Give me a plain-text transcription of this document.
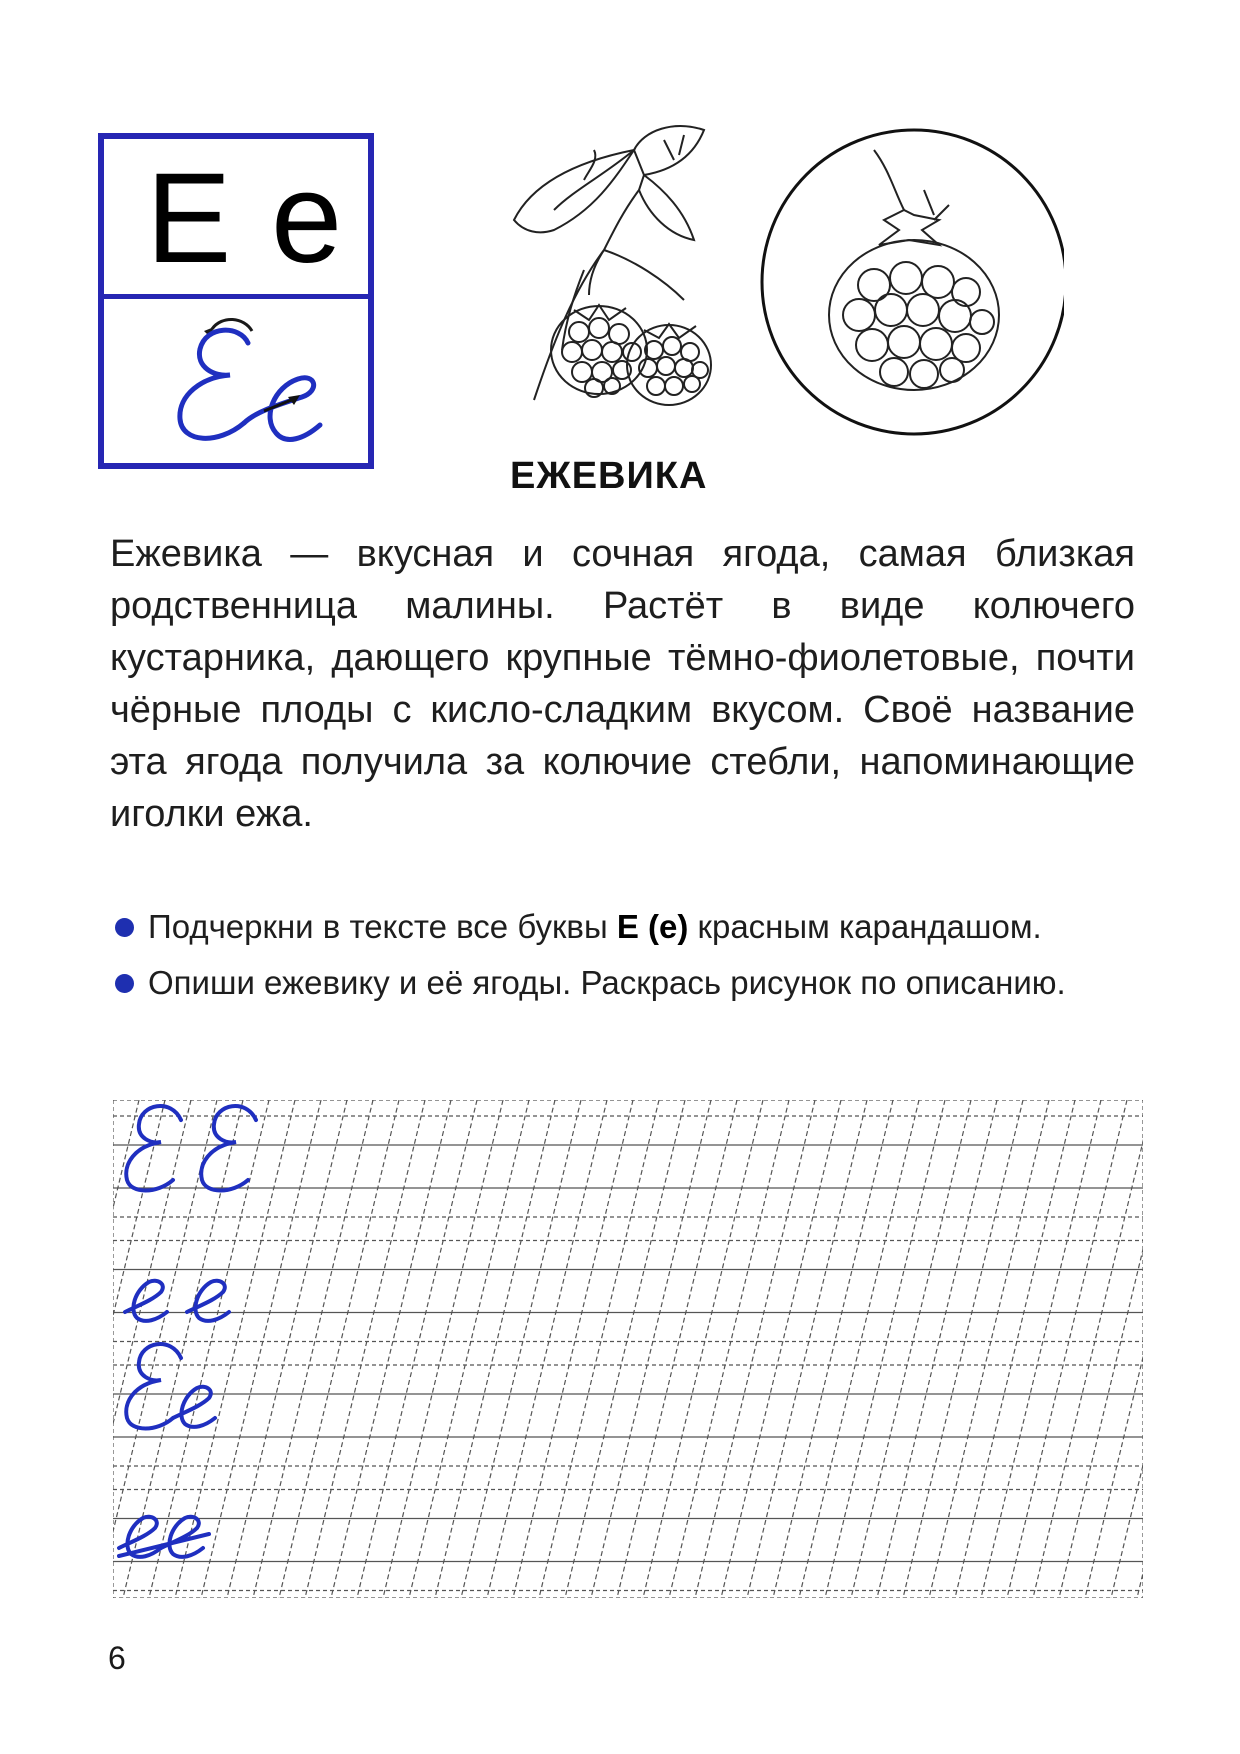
Е е
ЕЖЕВИКА
Ежевика — вкусная и сочная ягода, самая близкая родственница малины. Растёт в виде колючего кустарника, дающего крупные тёмно-фиолетовые, почти чёрные плоды с кисло-сладким вкусом. Своё название эта ягода получила за колючие стебли, напоминающие иголки ежа.
Подчеркни в тексте все буквы Е (е) красным карандашом.
Опиши ежевику и её ягоды. Раскрась рисунок по описанию.
6
